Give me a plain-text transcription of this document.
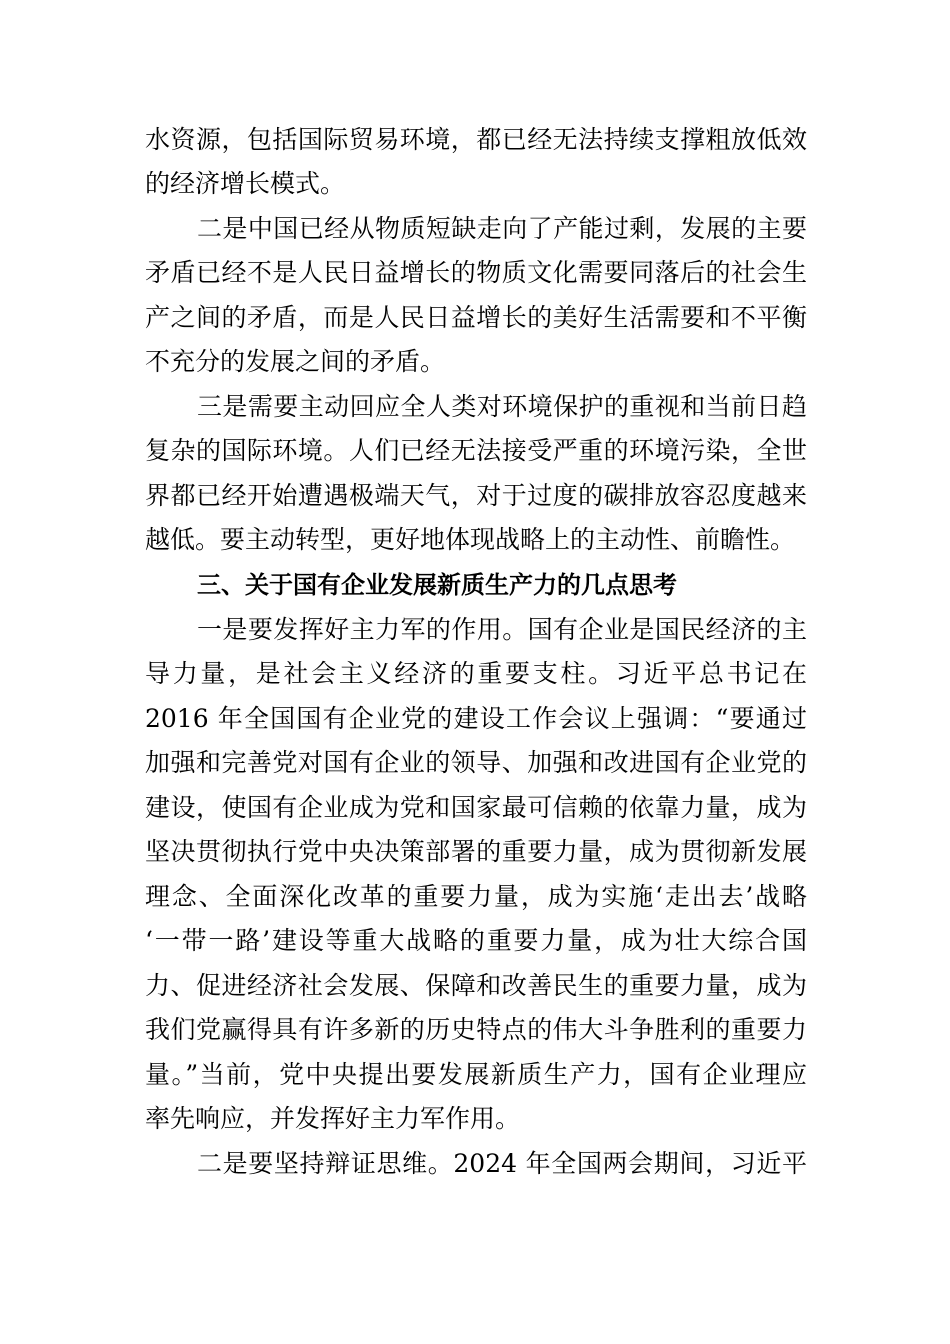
水资源，包括国际贸易环境，都已经无法持续支撑粗放低效
的经济增长模式。
二是中国已经从物质短缺走向了产能过剩，发展的主要
矛盾已经不是人民日益增长的物质文化需要同落后的社会生
产之间的矛盾，而是人民日益增长的美好生活需要和不平衡
不充分的发展之间的矛盾。
三是需要主动回应全人类对环境保护的重视和当前日趋
复杂的国际环境。人们已经无法接受严重的环境污染，全世
界都已经开始遭遇极端天气，对于过度的碳排放容忍度越来
越低。要主动转型，更好地体现战略上的主动性、前瞻性。
三、关于国有企业发展新质生产力的几点思考
一是要发挥好主力军的作用。国有企业是国民经济的主
导力量，是社会主义经济的重要支柱。习近平总书记在
2016 年全国国有企业党的建设工作会议上强调：“要通过
加强和完善党对国有企业的领导、加强和改进国有企业党的
建设，使国有企业成为党和国家最可信赖的依靠力量，成为
坚决贯彻执行党中央决策部署的重要力量，成为贯彻新发展
理念、全面深化改革的重要力量，成为实施‘走出去’战略
‘一带一路’建设等重大战略的重要力量，成为壮大综合国
力、促进经济社会发展、保障和改善民生的重要力量，成为
我们党赢得具有许多新的历史特点的伟大斗争胜利的重要力
量。”当前，党中央提出要发展新质生产力，国有企业理应
率先响应，并发挥好主力军作用。
二是要坚持辩证思维。2024 年全国两会期间，习近平
